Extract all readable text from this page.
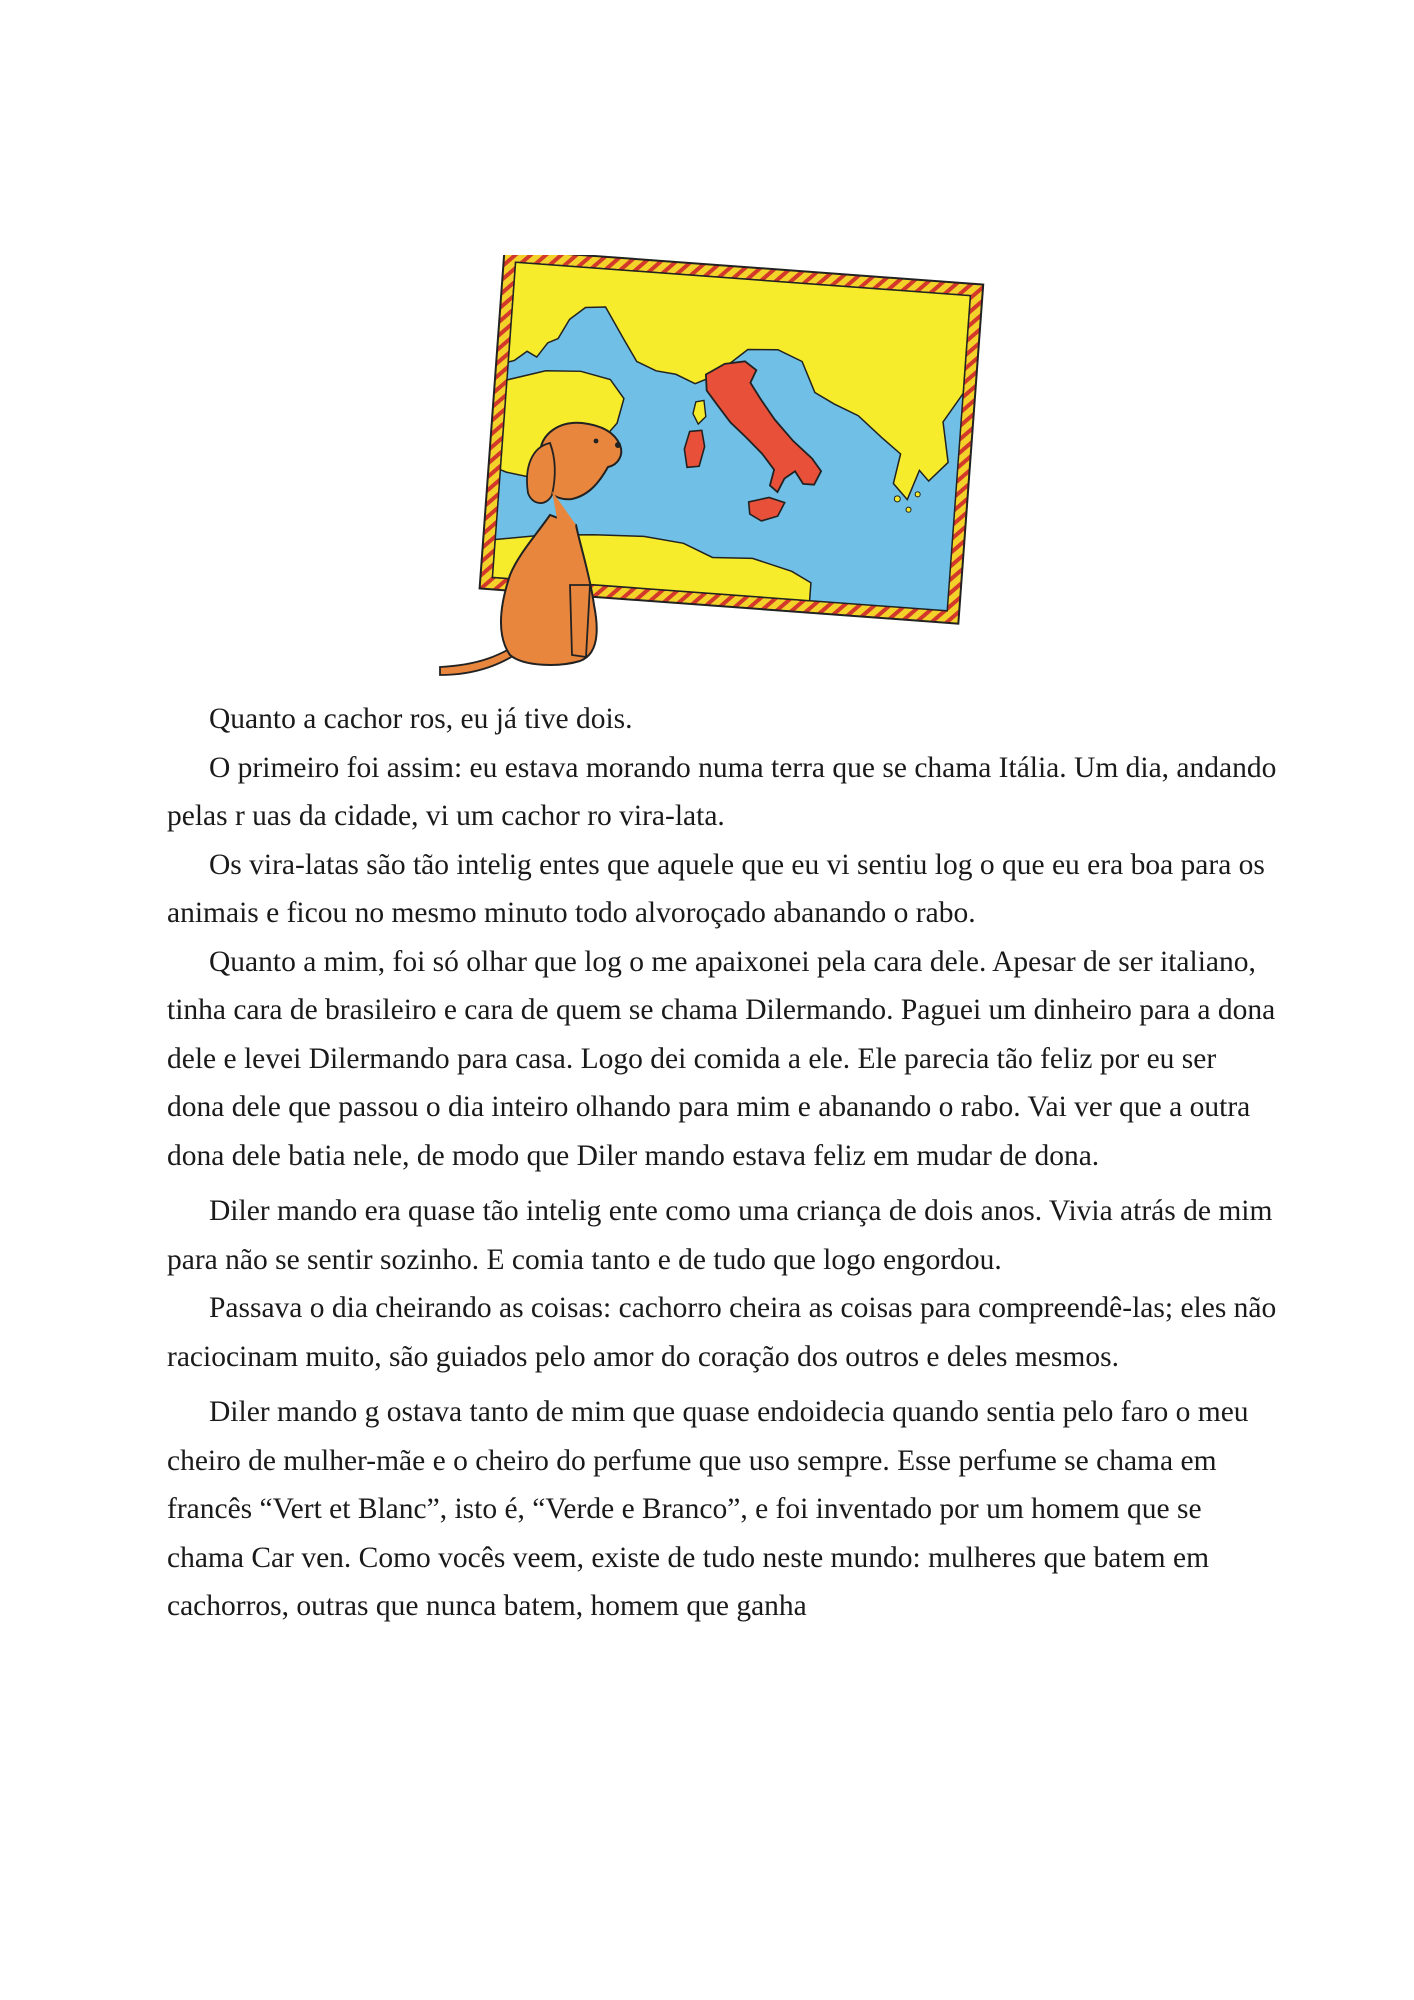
Quanto a cachor ros, eu já tive dois.

O primeiro foi assim: eu estava morando numa terra que se chama Itália. Um dia, andando pelas r uas da cidade, vi um cachor ro vira-lata.

Os vira-latas são tão intelig entes que aquele que eu vi sentiu log o que eu era boa para os animais e ficou no mesmo minuto todo alvoroçado abanando o rabo.

Quanto a mim, foi só olhar que log o me apaixonei pela cara dele. Apesar de ser italiano, tinha cara de brasileiro e cara de quem se chama Dilermando. Paguei um dinheiro para a dona dele e levei Dilermando para casa. Logo dei comida a ele. Ele parecia tão feliz por eu ser dona dele que passou o dia inteiro olhando para mim e abanando o rabo. Vai ver que a outra dona dele batia nele, de modo que Diler mando estava feliz em mudar de dona.

Diler mando era quase tão intelig ente como uma criança de dois anos. Vivia atrás de mim para não se sentir sozinho. E comia tanto e de tudo que logo engordou.

Passava o dia cheirando as coisas: cachorro cheira as coisas para compreendê-las; eles não raciocinam muito, são guiados pelo amor do coração dos outros e deles mesmos.

Diler mando g ostava tanto de mim que quase endoidecia quando sentia pelo faro o meu cheiro de mulher-mãe e o cheiro do perfume que uso sempre. Esse perfume se chama em francês “Vert et Blanc”, isto é, “Verde e Branco”, e foi inventado por um homem que se chama Car ven. Como vocês veem, existe de tudo neste mundo: mulheres que batem em cachorros, outras que nunca batem, homem que ganha
